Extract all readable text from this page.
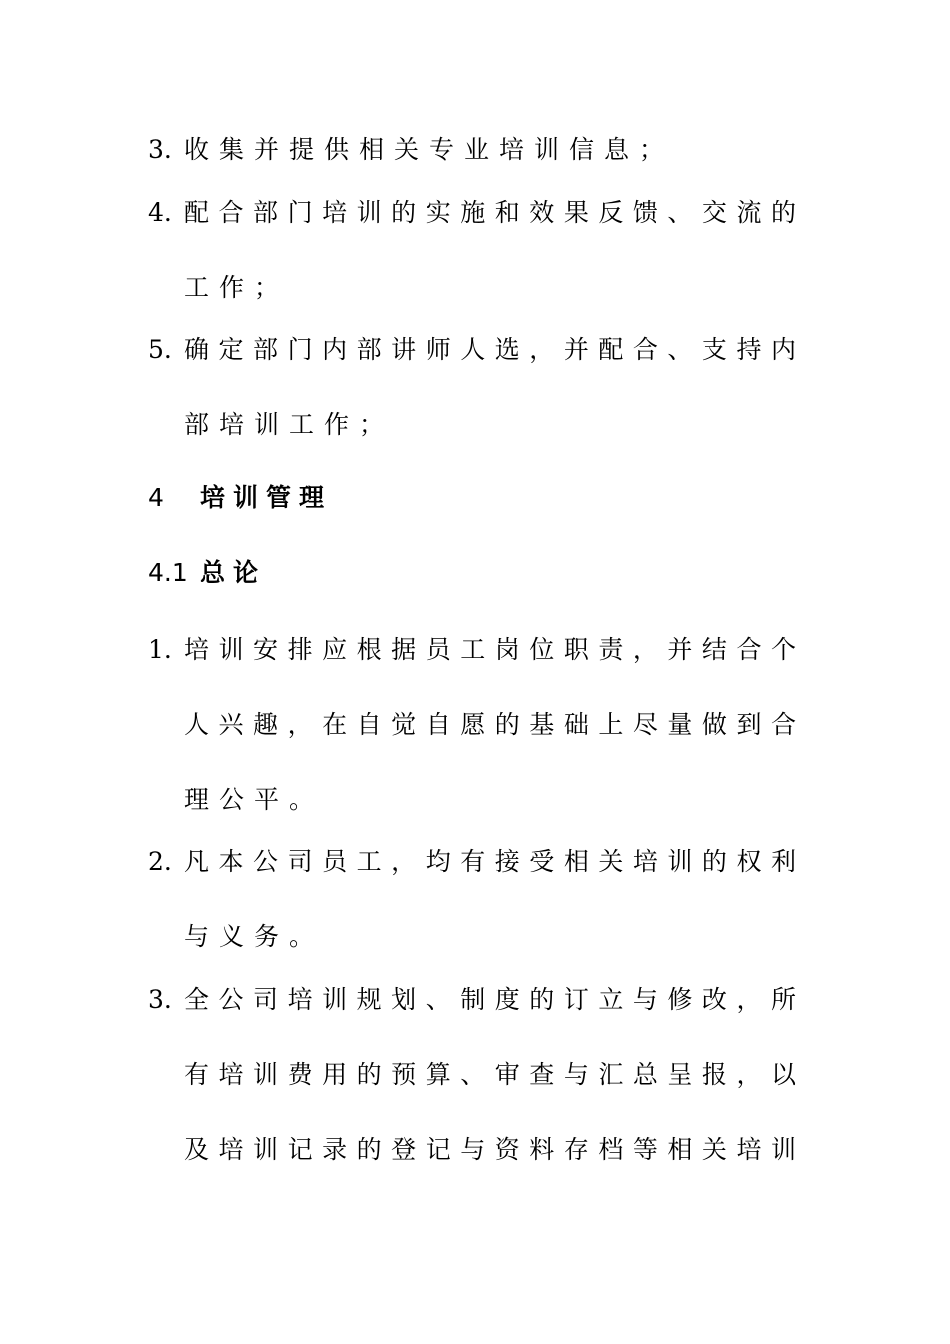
3. 收集并提供相关专业培训信息；
4. 配合部门培训的实施和效果反馈、交流的
工作；
5. 确定部门内部讲师人选，并配合、支持内
部培训工作；
4 培训管理
4.1 总论
1. 培训安排应根据员工岗位职责，并结合个
人兴趣，在自觉自愿的基础上尽量做到合
理公平。
2. 凡本公司员工，均有接受相关培训的权利
与义务。
3. 全公司培训规划、制度的订立与修改，所
有培训费用的预算、审查与汇总呈报，以
及培训记录的登记与资料存档等相关培训
